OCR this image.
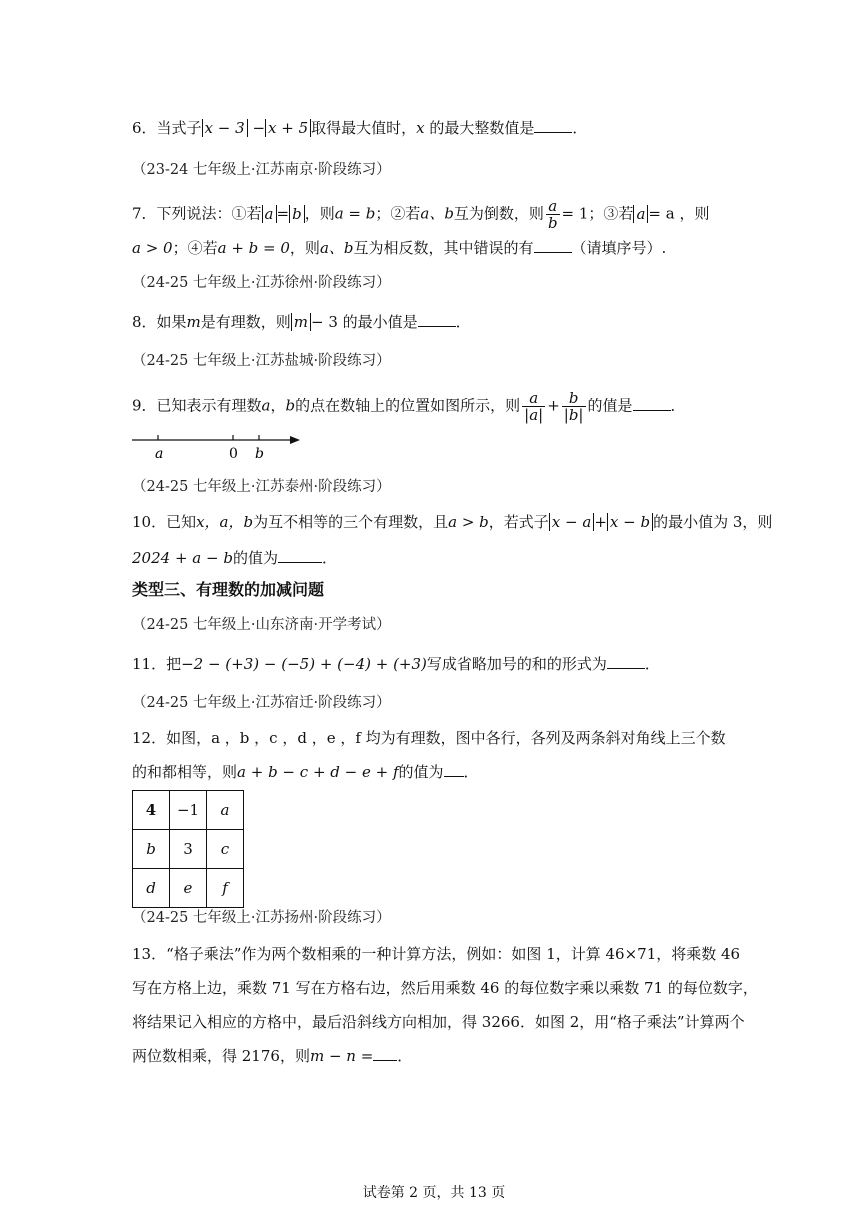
6．当式子 x − 3 − x + 5 取得最大值时，x 的最大整数值是	．
（23-24 七年级上·江苏南京·阶段练习）
7．下列说法：①若 a = b ，则a = b；②若a、b互为倒数，则 $\frac{a}{b} = 1$；③若 a = a ，则
a > 0；④若a + b = 0，则a、b互为相反数，其中错误的有	（请填序号）.
（24-25 七年级上·江苏徐州·阶段练习）
8．如果m是有理数，则 m − 3 的最小值是	．
（24-25 七年级上·江苏盐城·阶段练习）
9．已知表示有理数a，b的点在数轴上的位置如图所示，则 $\frac{a}{|a|} + \frac{b}{|b|}$ 的值是	．
a	0 b
（24-25 七年级上·江苏泰州·阶段练习）
10．已知x，a，b为互不相等的三个有理数，且a > b，若式子 x − a + x − b 的最小值为 3，则
2024 + a − b的值为	．
类型三、有理数的加减问题
（24-25 七年级上·山东济南·开学考试）
11．把−2 − (+3) − (−5) + (−4) + (+3)写成省略加号的和的形式为	．
（24-25 七年级上·江苏宿迁·阶段练习）
12．如图，a ，b ，c ，d ，e ，f 均为有理数，图中各行，各列及两条斜对角线上三个数
的和都相等，则a + b − c + d − e + f的值为 ．
4	−1	a
b	3	c
d	e	f
（24-25 七年级上·江苏扬州·阶段练习）
13．“格子乘法”作为两个数相乘的一种计算方法，例如：如图 1，计算 46×71，将乘数 46
写在方格上边，乘数 71 写在方格右边，然后用乘数 46 的每位数字乘以乘数 71 的每位数字，
将结果记入相应的方格中，最后沿斜线方向相加，得 3266．如图 2，用“格子乘法”计算两个
两位数相乘，得 2176，则m − n = ．
试卷第 2 页，共 13 页
